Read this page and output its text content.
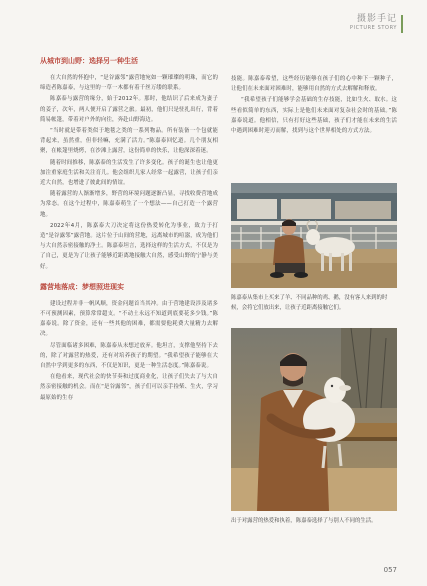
摄影手记
PICTURE STORY
从城市到山野：选择另一种生活

在大自然的怀抱中，“是谷露邻”露营地宛如一颗璀璨的明珠，而它的缔造者陈嘉泰，与这里的一草一木都有着千丝万缕的联系。

陈嘉泰与露营的缘分，始于2012年。那时，他结识了后来成为妻子的姜子，次年，两人便开启了露营之旅。最初，他们只是驻扎出行，背着简易帐篷，带着对户外的向往，奔赴山野海边。

“当时就是带着类似于地毯之类的一系列物品。所有装备一个包就能背起来，虽然重，但非轻嘛，充满了活力。”陈嘉泰回忆道。几个朋友相聚，在帐篷里烧烤，在沙滩上露营，这份简单的快乐，让他深深着迷。

随着时间推移，陈嘉泰的生活发生了许多变化。孩子的诞生也让他更加注重家庭生活和关注育儿。他会组织儿家人经常一起露营，让孩子们亲近大自然，也增进了彼此间的情谊。

随着露营的人渐渐增多，野营的环境问题逐渐凸显，寻找收费营地成为常态。在这个过程中，陈嘉泰萌生了一个想法——自己打造一个露营地。

2022年4月，陈嘉泰大刀决定将这份热爱转化为事业，致力于打造“是谷露邻”露营地。这片位于山间的营地，远离城市的喧嚣，成为他们与大自然亲密接触的净土。陈嘉泰坦言，选择这样的生活方式，不仅是为了自己，更是为了让孩子能够近距离地接触大自然，感受山野的宁静与美好。

露营地落成：梦想照进现实

建设过程并非一帆风顺，资金问题首当其冲。由于营地建设涉及诸多不可预测因素，预算常常超支。“不动土永远不知道到底要花多少钱。”陈嘉泰说。除了资金，还有一些其他的困难，都需要他耗费大量精力去解决。

尽管面临诸多困难，陈嘉泰从未想过放弃。他坦言，支撑他坚持下去的，除了对露营的热爱，还有对培养孩子的期望。“我希望孩子能够在大自然中学到更多的东西，不仅是知识，更是一种生活态度。”陈嘉泰说。

在他看来，现代社会的快节奏和过度商业化，让孩子们失去了与大自然亲密接触的机会。而在“是谷露邻”，孩子们可以亲手捡柴、生火，学习最原始的生存

技能。陈嘉泰希望，这些经历能够在孩子们的心中种下一颗种子，让他们在未来面对困难时，能够用自然的方式去解解和释放。

“我希望孩子们能够学会基础的生存技能，比如生火、取水。这些看似简单的东西，实际上是他们未来面对复杂社会时的基础。”陈嘉泰说道。他相信，只有打好这些基础，孩子们才能在未来的生活中遇到困难时迎刃而解，找到与这个世界相处的方式方法。

陈嘉泰从集市上买来了羊、不同品种的鸡、鹅，没有客人来到的时候，会将它们放出来，让孩子近距离接触它们。
出于对露营的热爱和执着，陈嘉泰选择了与别人不同的生活。
057
